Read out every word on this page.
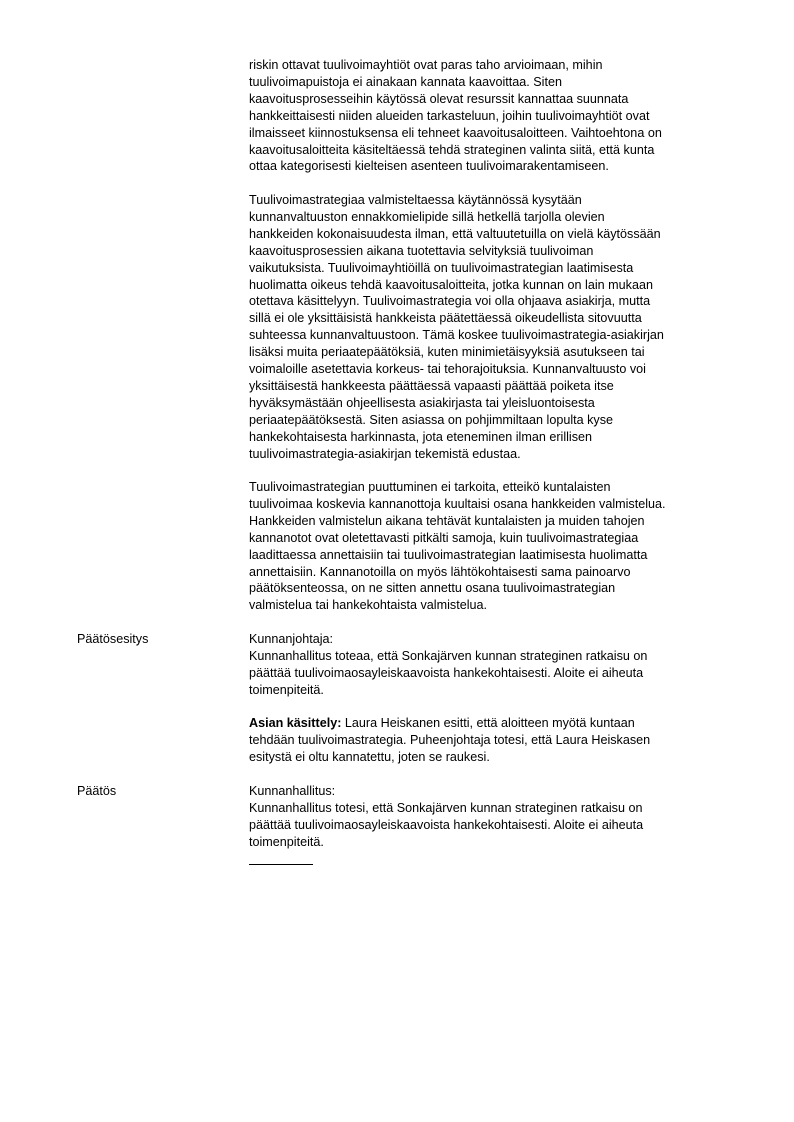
riskin ottavat tuulivoimayhtiöt ovat paras taho arvioimaan, mihin
tuulivoimapuistoja ei ainakaan kannata kaavoittaa. Siten
kaavoitusprosesseihin käytössä olevat resurssit kannattaa suunnata
hankkeittaisesti niiden alueiden tarkasteluun, joihin tuulivoimayhtiöt ovat
ilmaisseet kiinnostuksensa eli tehneet kaavoitusaloitteen. Vaihtoehtona on
kaavoitusaloitteita käsiteltäessä tehdä strateginen valinta siitä, että kunta
ottaa kategorisesti kielteisen asenteen tuulivoimarakentamiseen.

Tuulivoimastrategiaa valmisteltaessa käytännössä kysytään
kunnanvaltuuston ennakkomielipide sillä hetkellä tarjolla olevien
hankkeiden kokonaisuudesta ilman, että valtuutetuilla on vielä käytössään
kaavoitusprosessien aikana tuotettavia selvityksiä tuulivoiman
vaikutuksista. Tuulivoimayhtiöillä on tuulivoimastrategian laatimisesta
huolimatta oikeus tehdä kaavoitusaloitteita, jotka kunnan on lain mukaan
otettava käsittelyyn. Tuulivoimastrategia voi olla ohjaava asiakirja, mutta
sillä ei ole yksittäisistä hankkeista päätettäessä oikeudellista sitovuutta
suhteessa kunnanvaltuustoon. Tämä koskee tuulivoimastrategia-asiakirjan
lisäksi muita periaatepäätöksiä, kuten minimietäisyyksiä asutukseen tai
voimaloille asetettavia korkeus- tai tehorajoituksia. Kunnanvaltuusto voi
yksittäisestä hankkeesta päättäessä vapaasti päättää poiketa itse
hyväksymästään ohjeellisesta asiakirjasta tai yleisluontoisesta
periaatepäätöksestä. Siten asiassa on pohjimmiltaan lopulta kyse
hankekohtaisesta harkinnasta, jota eteneminen ilman erillisen
tuulivoimastrategia-asiakirjan tekemistä edustaa.

Tuulivoimastrategian puuttuminen ei tarkoita, etteikö kuntalaisten
tuulivoimaa koskevia kannanottoja kuultaisi osana hankkeiden valmistelua.
Hankkeiden valmistelun aikana tehtävät kuntalaisten ja muiden tahojen
kannanotot ovat oletettavasti pitkälti samoja, kuin tuulivoimastrategiaa
laadittaessa annettaisiin tai tuulivoimastrategian laatimisesta huolimatta
annettaisiin. Kannanotoilla on myös lähtökohtaisesti sama painoarvo
päätöksenteossa, on ne sitten annettu osana tuulivoimastrategian
valmistelua tai hankekohtaista valmistelua.

Päätösesitys	Kunnanjohtaja:

Kunnanhallitus toteaa, että Sonkajärven kunnan strateginen ratkaisu on
päättää tuulivoimaosayleiskaavoista hankekohtaisesti. Aloite ei aiheuta
toimenpiteitä.

Asian käsittely: Laura Heiskanen esitti, että aloitteen myötä kuntaan
tehdään tuulivoimastrategia. Puheenjohtaja totesi, että Laura Heiskasen
esitystä ei oltu kannatettu, joten se raukesi.

Päätös	Kunnanhallitus:

Kunnanhallitus totesi, että Sonkajärven kunnan strateginen ratkaisu on
päättää tuulivoimaosayleiskaavoista hankekohtaisesti. Aloite ei aiheuta
toimenpiteitä.
